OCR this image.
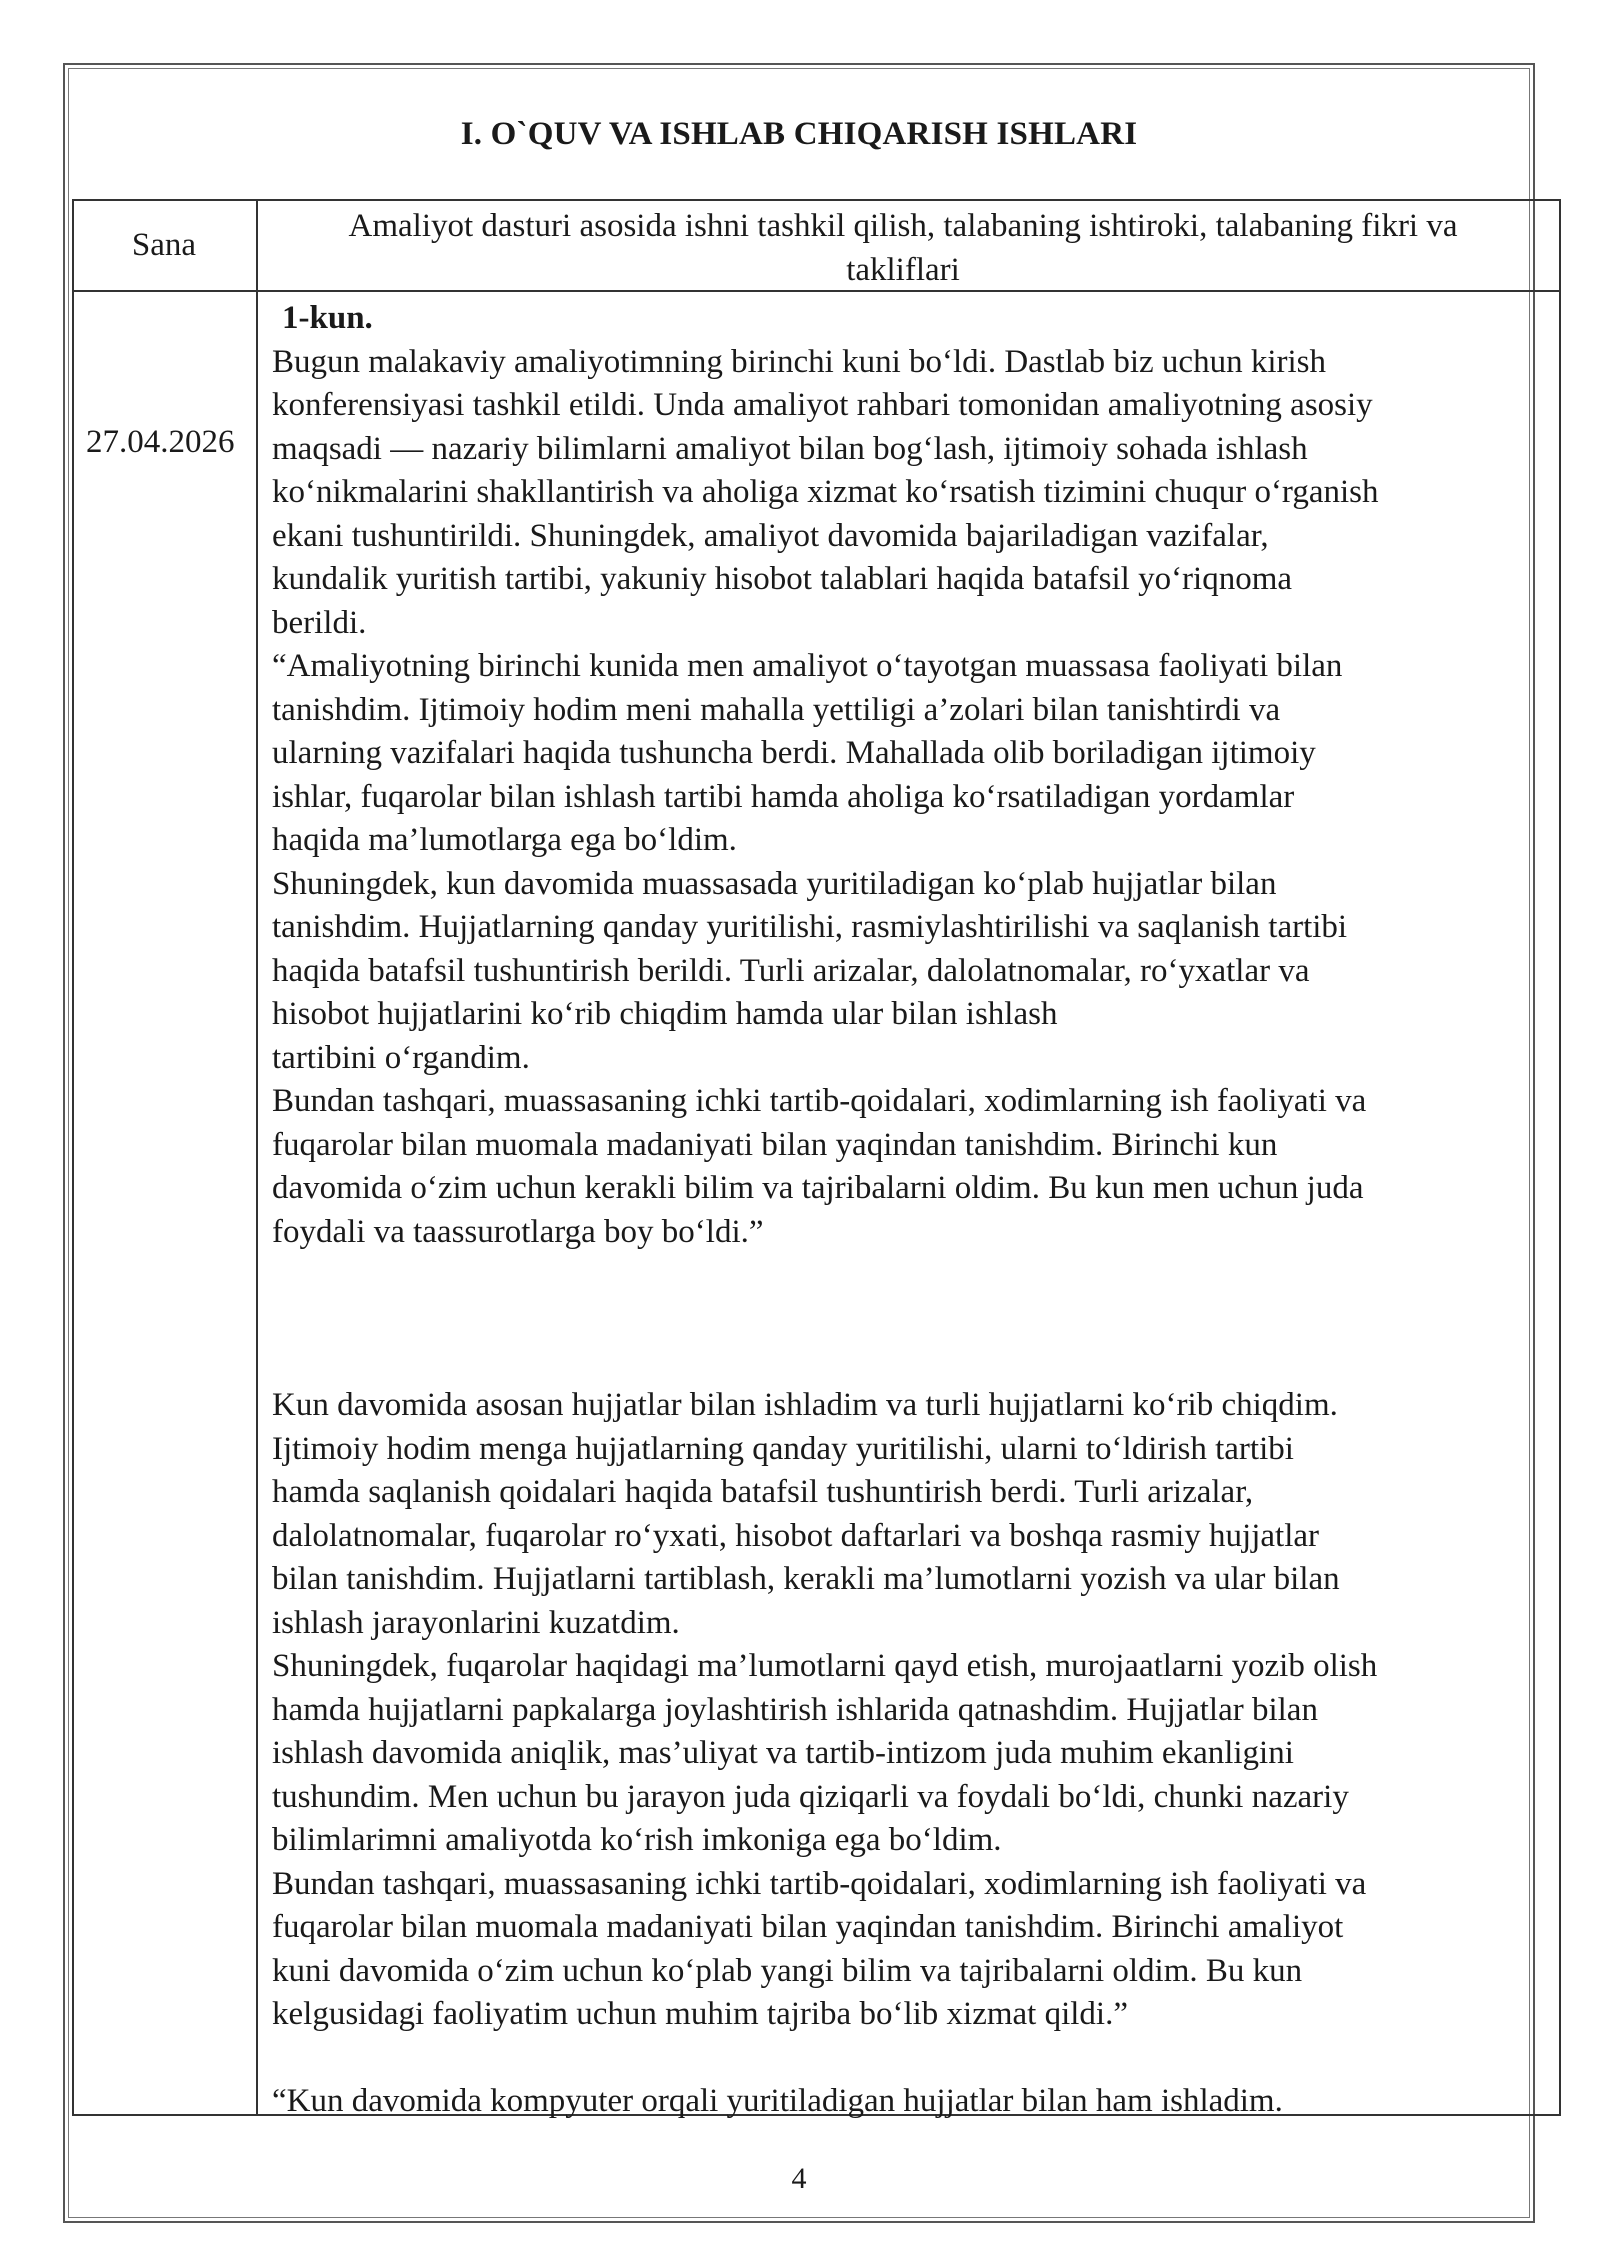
I. O`QUV VA ISHLAB CHIQARISH ISHLARI
Sana
Amaliyot dasturi asosida ishni tashkil qilish, talabaning ishtiroki, talabaning fikri va
takliflari
27.04.2026

1-kun.

Bugun malakaviy amaliyotimning birinchi kuni bo‘ldi. Dastlab biz uchun kirish
konferensiyasi tashkil etildi. Unda amaliyot rahbari tomonidan amaliyotning asosiy
maqsadi — nazariy bilimlarni amaliyot bilan bog‘lash, ijtimoiy sohada ishlash
ko‘nikmalarini shakllantirish va aholiga xizmat ko‘rsatish tizimini chuqur o‘rganish
ekani tushuntirildi. Shuningdek, amaliyot davomida bajariladigan vazifalar,
kundalik yuritish tartibi, yakuniy hisobot talablari haqida batafsil yo‘riqnoma
berildi.

“Amaliyotning birinchi kunida men amaliyot o‘tayotgan muassasa faoliyati bilan
tanishdim. Ijtimoiy hodim meni mahalla yettiligi a’zolari bilan tanishtirdi va
ularning vazifalari haqida tushuncha berdi. Mahallada olib boriladigan ijtimoiy
ishlar, fuqarolar bilan ishlash tartibi hamda aholiga ko‘rsatiladigan yordamlar
haqida ma’lumotlarga ega bo‘ldim.

Shuningdek, kun davomida muassasada yuritiladigan ko‘plab hujjatlar bilan
tanishdim. Hujjatlarning qanday yuritilishi, rasmiylashtirilishi va saqlanish tartibi
haqida batafsil tushuntirish berildi. Turli arizalar, dalolatnomalar, ro‘yxatlar va
hisobot hujjatlarini ko‘rib chiqdim hamda ular bilan ishlash
tartibini o‘rgandim.

Bundan tashqari, muassasaning ichki tartib-qoidalari, xodimlarning ish faoliyati va
fuqarolar bilan muomala madaniyati bilan yaqindan tanishdim. Birinchi kun
davomida o‘zim uchun kerakli bilim va tajribalarni oldim. Bu kun men uchun juda
foydali va taassurotlarga boy bo‘ldi.”

Kun davomida asosan hujjatlar bilan ishladim va turli hujjatlarni ko‘rib chiqdim.
Ijtimoiy hodim menga hujjatlarning qanday yuritilishi, ularni to‘ldirish tartibi
hamda saqlanish qoidalari haqida batafsil tushuntirish berdi. Turli arizalar,
dalolatnomalar, fuqarolar ro‘yxati, hisobot daftarlari va boshqa rasmiy hujjatlar
bilan tanishdim. Hujjatlarni tartiblash, kerakli ma’lumotlarni yozish va ular bilan
ishlash jarayonlarini kuzatdim.

Shuningdek, fuqarolar haqidagi ma’lumotlarni qayd etish, murojaatlarni yozib olish
hamda hujjatlarni papkalarga joylashtirish ishlarida qatnashdim. Hujjatlar bilan
ishlash davomida aniqlik, mas’uliyat va tartib-intizom juda muhim ekanligini
tushundim. Men uchun bu jarayon juda qiziqarli va foydali bo‘ldi, chunki nazariy
bilimlarimni amaliyotda ko‘rish imkoniga ega bo‘ldim.

Bundan tashqari, muassasaning ichki tartib-qoidalari, xodimlarning ish faoliyati va
fuqarolar bilan muomala madaniyati bilan yaqindan tanishdim. Birinchi amaliyot
kuni davomida o‘zim uchun ko‘plab yangi bilim va tajribalarni oldim. Bu kun
kelgusidagi faoliyatim uchun muhim tajriba bo‘lib xizmat qildi.”

“Kun davomida kompyuter orqali yuritiladigan hujjatlar bilan ham ishladim.

4
